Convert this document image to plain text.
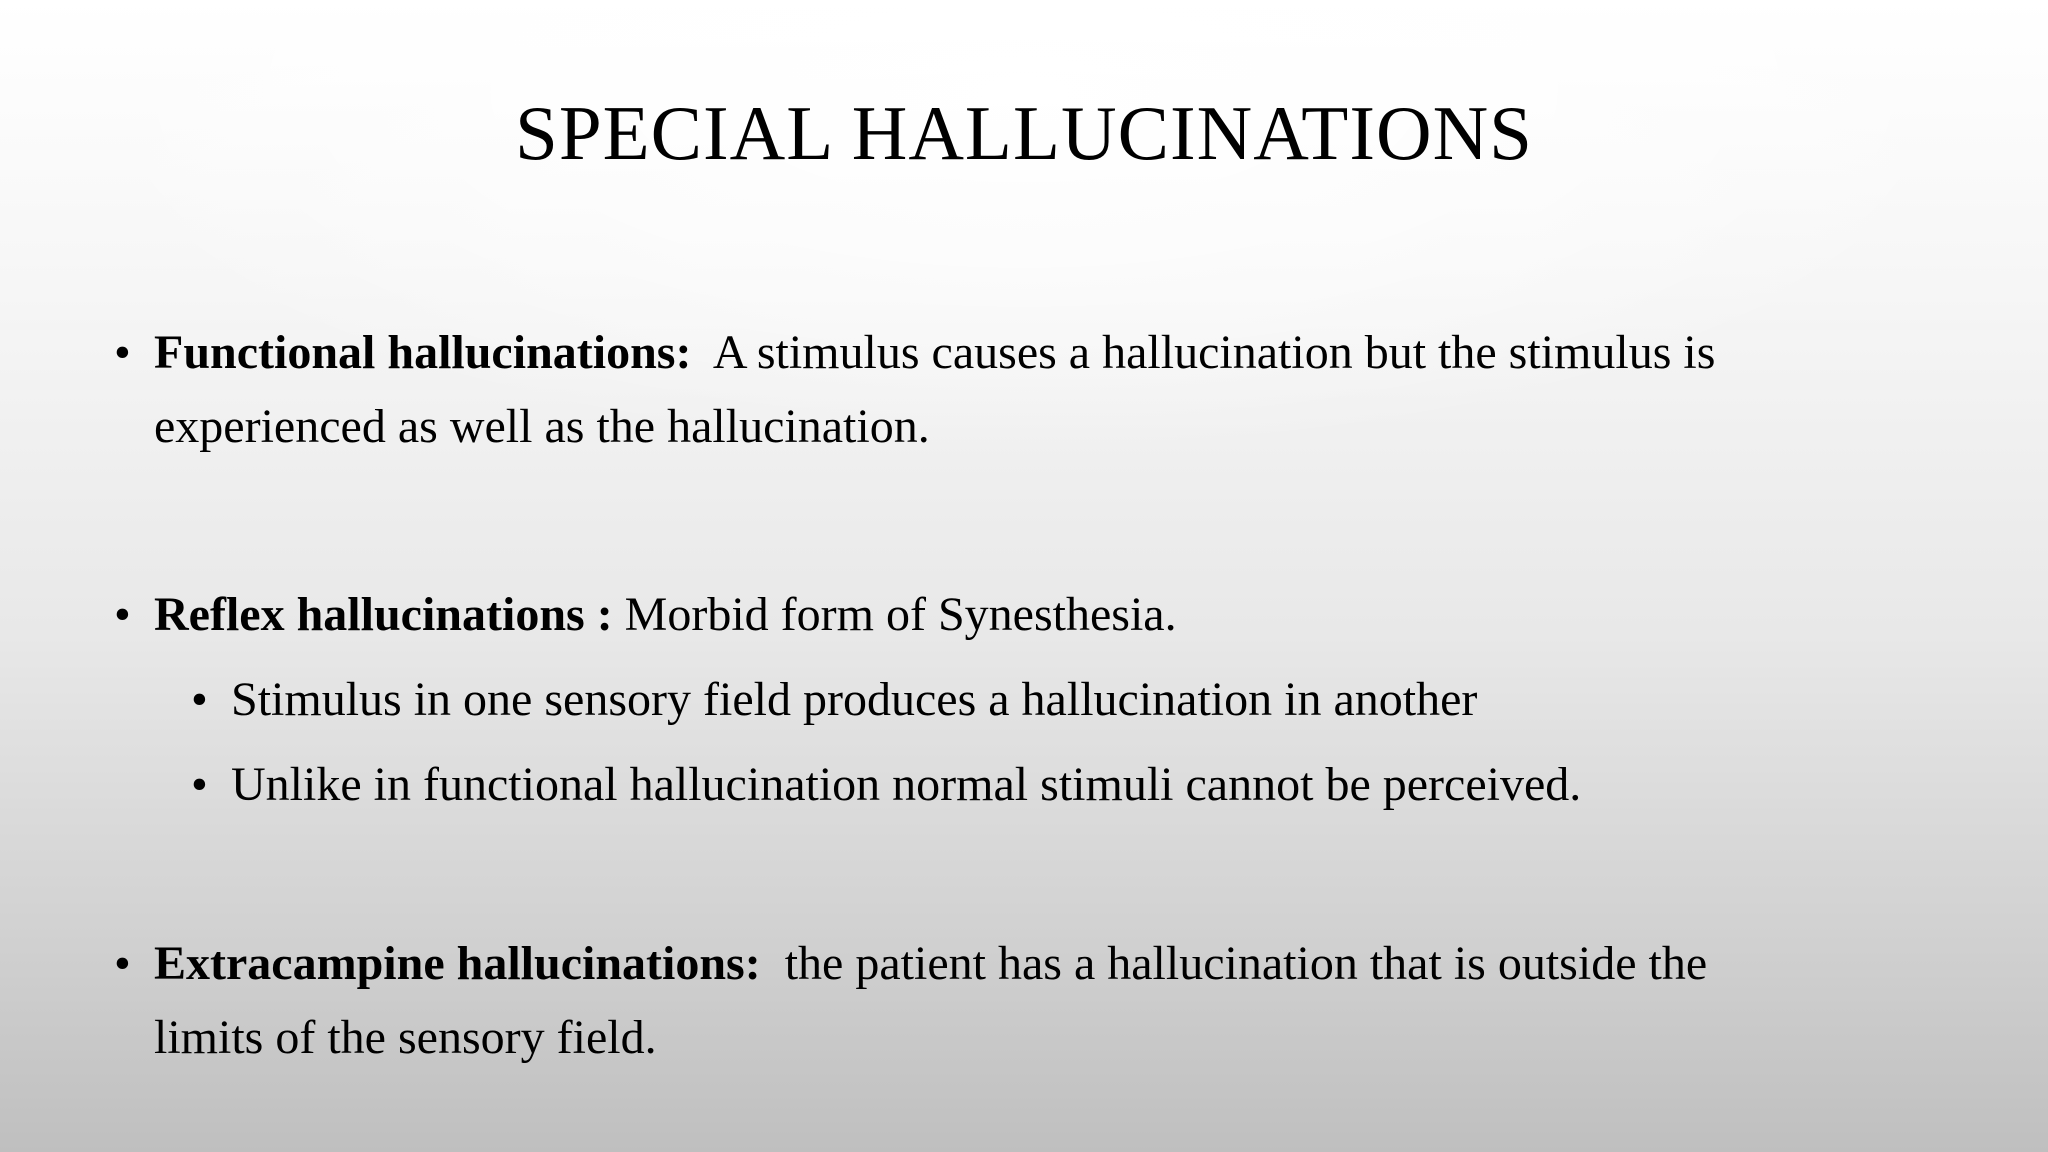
SPECIAL HALLUCINATIONS
• Functional hallucinations: A stimulus causes a hallucination but the stimulus is
experienced as well as the hallucination.
• Reflex hallucinations : Morbid form of Synesthesia.
• Stimulus in one sensory field produces a hallucination in another
• Unlike in functional hallucination normal stimuli cannot be perceived.
• Extracampine hallucinations: the patient has a hallucination that is outside the
limits of the sensory field.
